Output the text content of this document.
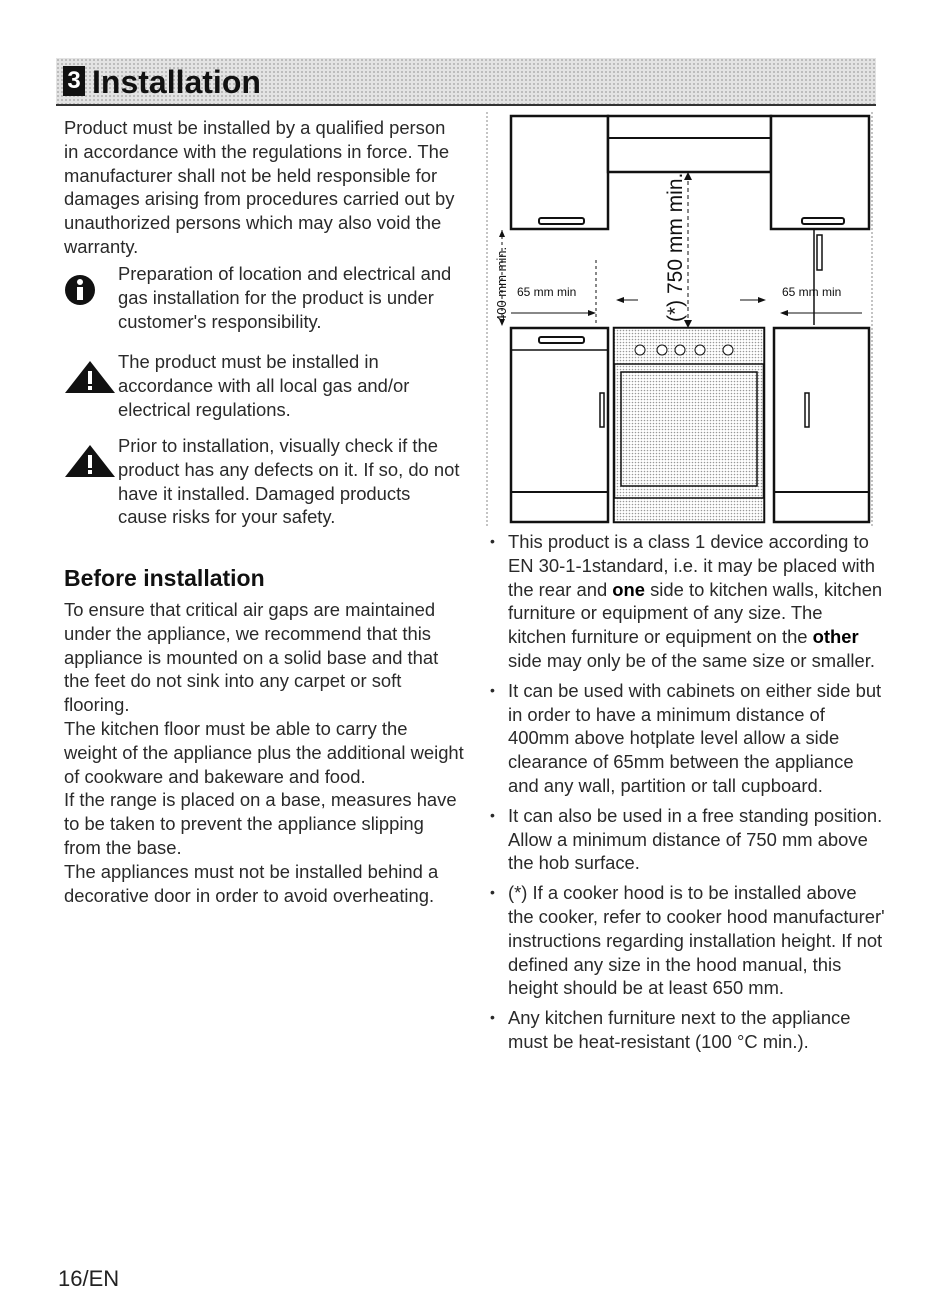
3 Installation

Product must be installed by a qualified person in accordance with the regulations in force. The manufacturer shall not be held responsible for damages arising from procedures carried out by unauthorized persons which may also void the warranty.

Preparation of location and electrical and gas installation for the product is under customer's responsibility.
The product must be installed in accordance with all local gas and/or electrical regulations.
Prior to installation, visually check if the product has any defects on it. If so, do not have it installed. Damaged products cause risks for your safety.
Before installation

To ensure that critical air gaps are maintained under the appliance, we recommend that this appliance is mounted on a solid base and that the feet do not sink into any carpet or soft flooring.

The kitchen floor must be able to carry the weight of the appliance plus the additional weight of cookware and bakeware and food.

If the range is placed on a base, measures have to be taken to prevent the appliance slipping from the base.

The appliances must not be installed behind a decorative door in order to avoid overheating.

(*) 750 mm min.
400 mm min. 65 mm min	65 mm min
• This product is a class 1 device according to EN 30-1-1standard, i.e. it may be placed with the rear and one side to kitchen walls, kitchen furniture or equipment of any size. The kitchen furniture or equipment on the other side may only be of the same size or smaller.
• It can be used with cabinets on either side but in order to have a minimum distance of 400mm above hotplate level allow a side clearance of 65mm between the appliance and any wall, partition or tall cupboard.
• It can also be used in a free standing position. Allow a minimum distance of 750 mm above the hob surface.
• (*) If a cooker hood is to be installed above the cooker, refer to cooker hood manufacturer' instructions regarding installation height. If not defined any size in the hood manual, this height should be at least 650 mm.
• Any kitchen furniture next to the appliance must be heat-resistant (100 °C min.).
16/EN
